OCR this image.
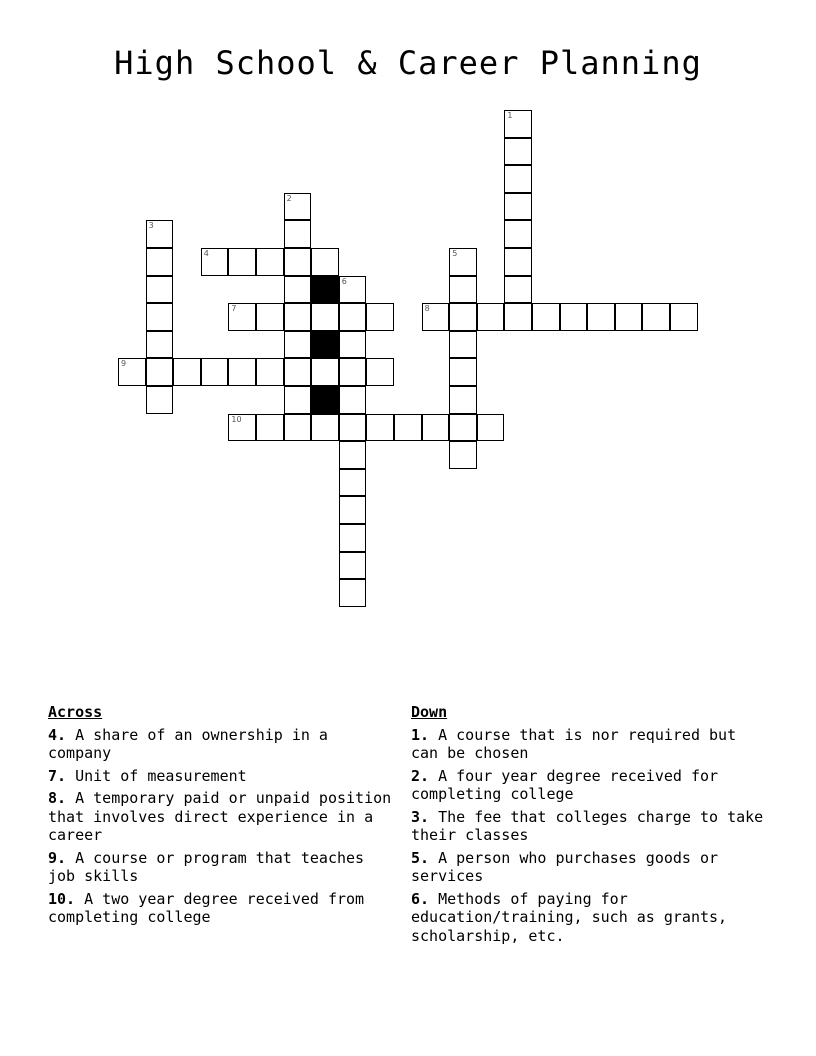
High School & Career Planning
1
2
3
4	5
6
7	8
9
10
Across
4. A share of an ownership in a company
7. Unit of measurement
8. A temporary paid or unpaid position that involves direct experience in a career
9. A course or program that teaches job skills
10. A two year degree received from completing college
Down
1. A course that is nor required but can be chosen
2. A four year degree received for completing college
3. The fee that colleges charge to take their classes
5. A person who purchases goods or services
6. Methods of paying for education/training, such as grants, scholarship, etc.
